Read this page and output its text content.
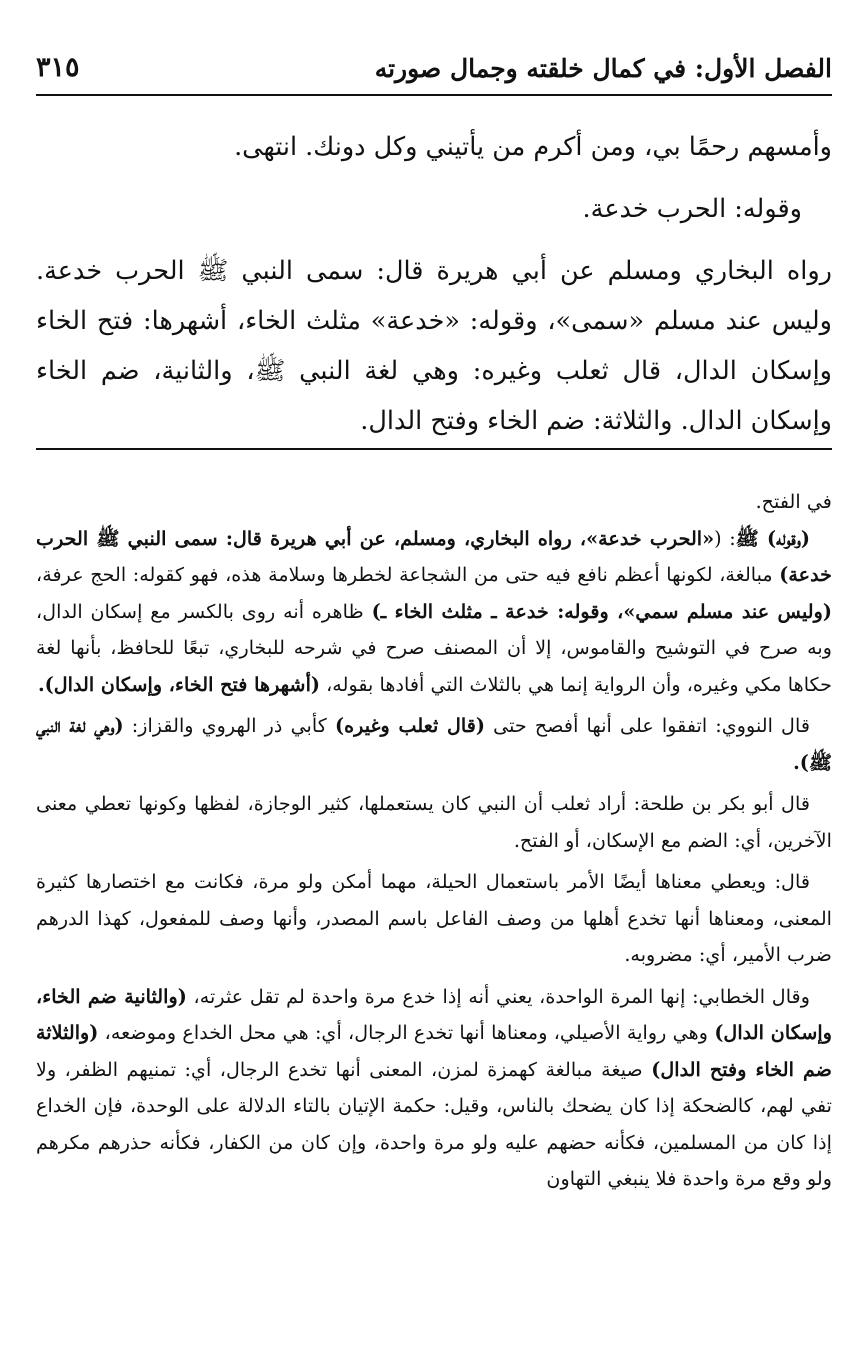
الفصل الأول: في كمال خلقته وجمال صورته
٣١٥

وأمسهم رحمًا بي، ومن أكرم من يأتيني وكل دونك. انتهى.

وقوله: الحرب خدعة.

رواه البخاري ومسلم عن أبي هريرة قال: سمى النبي ﷺ الحرب خدعة. وليس عند مسلم «سمى»، وقوله: «خدعة» مثلث الخاء، أشهرها: فتح الخاء وإسكان الدال، قال ثعلب وغيره: وهي لغة النبي ﷺ، والثانية، ضم الخاء وإسكان الدال. والثلاثة: ضم الخاء وفتح الدال.

في الفتح.

(وقوله) ﷺ: («الحرب خدعة»، رواه البخاري، ومسلم، عن أبي هريرة قال: سمى النبي ﷺ الحرب خدعة) مبالغة، لكونها أعظم نافع فيه حتى من الشجاعة لخطرها وسلامة هذه، فهو كقوله: الحج عرفة، (وليس عند مسلم سمي»، وقوله: خدعة ـ مثلث الخاء ـ) ظاهره أنه روى بالكسر مع إسكان الدال، وبه صرح في التوشيح والقاموس، إلا أن المصنف صرح في شرحه للبخاري، تبعًا للحافظ، بأنها لغة حكاها مكي وغيره، وأن الرواية إنما هي بالثلاث التي أفادها بقوله، (أشهرها فتح الخاء، وإسكان الدال).

قال النووي: اتفقوا على أنها أفصح حتى (قال ثعلب وغيره) كأبي ذر الهروي والقزاز: (وهي لغة النبي ﷺ).

قال أبو بكر بن طلحة: أراد ثعلب أن النبي كان يستعملها، كثير الوجازة، لفظها وكونها تعطي معنى الآخرين، أي: الضم مع الإسكان، أو الفتح.

قال: ويعطي معناها أيضًا الأمر باستعمال الحيلة، مهما أمكن ولو مرة، فكانت مع اختصارها كثيرة المعنى، ومعناها أنها تخدع أهلها من وصف الفاعل باسم المصدر، وأنها وصف للمفعول، كهذا الدرهم ضرب الأمير، أي: مضروبه.

وقال الخطابي: إنها المرة الواحدة، يعني أنه إذا خدع مرة واحدة لم تقل عثرته، (والثانية ضم الخاء، وإسكان الدال) وهي رواية الأصيلي، ومعناها أنها تخدع الرجال، أي: هي محل الخداع وموضعه، (والثلاثة ضم الخاء وفتح الدال) صيغة مبالغة كهمزة لمزن، المعنى أنها تخدع الرجال، أي: تمنيهم الظفر، ولا تفي لهم، كالضحكة إذا كان يضحك بالناس، وقيل: حكمة الإتيان بالتاء الدلالة على الوحدة، فإن الخداع إذا كان من المسلمين، فكأنه حضهم عليه ولو مرة واحدة، وإن كان من الكفار، فكأنه حذرهم مكرهم ولو وقع مرة واحدة فلا ينبغي التهاون
